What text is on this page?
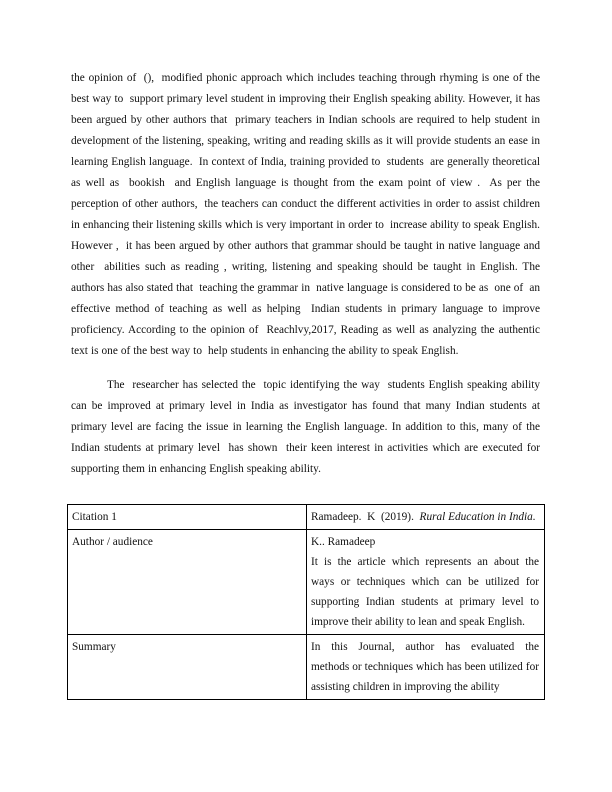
the opinion of  (),  modified phonic approach which includes teaching through rhyming is one of the best way to  support primary level student in improving their English speaking ability. However, it has been argued by other authors that  primary teachers in Indian schools are required to help student in development of the listening, speaking, writing and reading skills as it will provide students an ease in  learning English language.  In context of India, training provided to  students  are generally theoretical as well as  bookish  and English language is thought from the exam point of view .  As per the perception of other authors,  the teachers can conduct the different activities in order to assist children in enhancing their listening skills which is very important in order to  increase ability to speak English. However ,  it has been argued by other authors that grammar should be taught in native language and other  abilities such as reading , writing, listening and speaking should be taught in English. The authors has also stated that  teaching the grammar in  native language is considered to be as  one of  an effective method of teaching as well as helping  Indian students in primary language to improve proficiency. According to the opinion of  Reachlvy,2017, Reading as well as analyzing the authentic text is one of the best way to  help students in enhancing the ability to speak English.

The  researcher has selected the  topic identifying the way  students English speaking ability can be improved at primary level in India as investigator has found that many Indian students at primary level are facing the issue in learning the English language. In addition to this, many of the Indian students at primary level  has shown  their keen interest in activities which are executed for supporting them in enhancing English speaking ability.

Citation 1	Ramadeep.  K  (2019).  Rural Education in India.
Author / audience	K.. Ramadeep
It is the article which represents an about the ways or techniques which can be utilized for supporting Indian students at primary level to improve their ability to lean and speak English.

Summary	In  this  Journal,  author  has  evaluated  the methods or techniques which has been utilized for   assisting children in improving the ability
